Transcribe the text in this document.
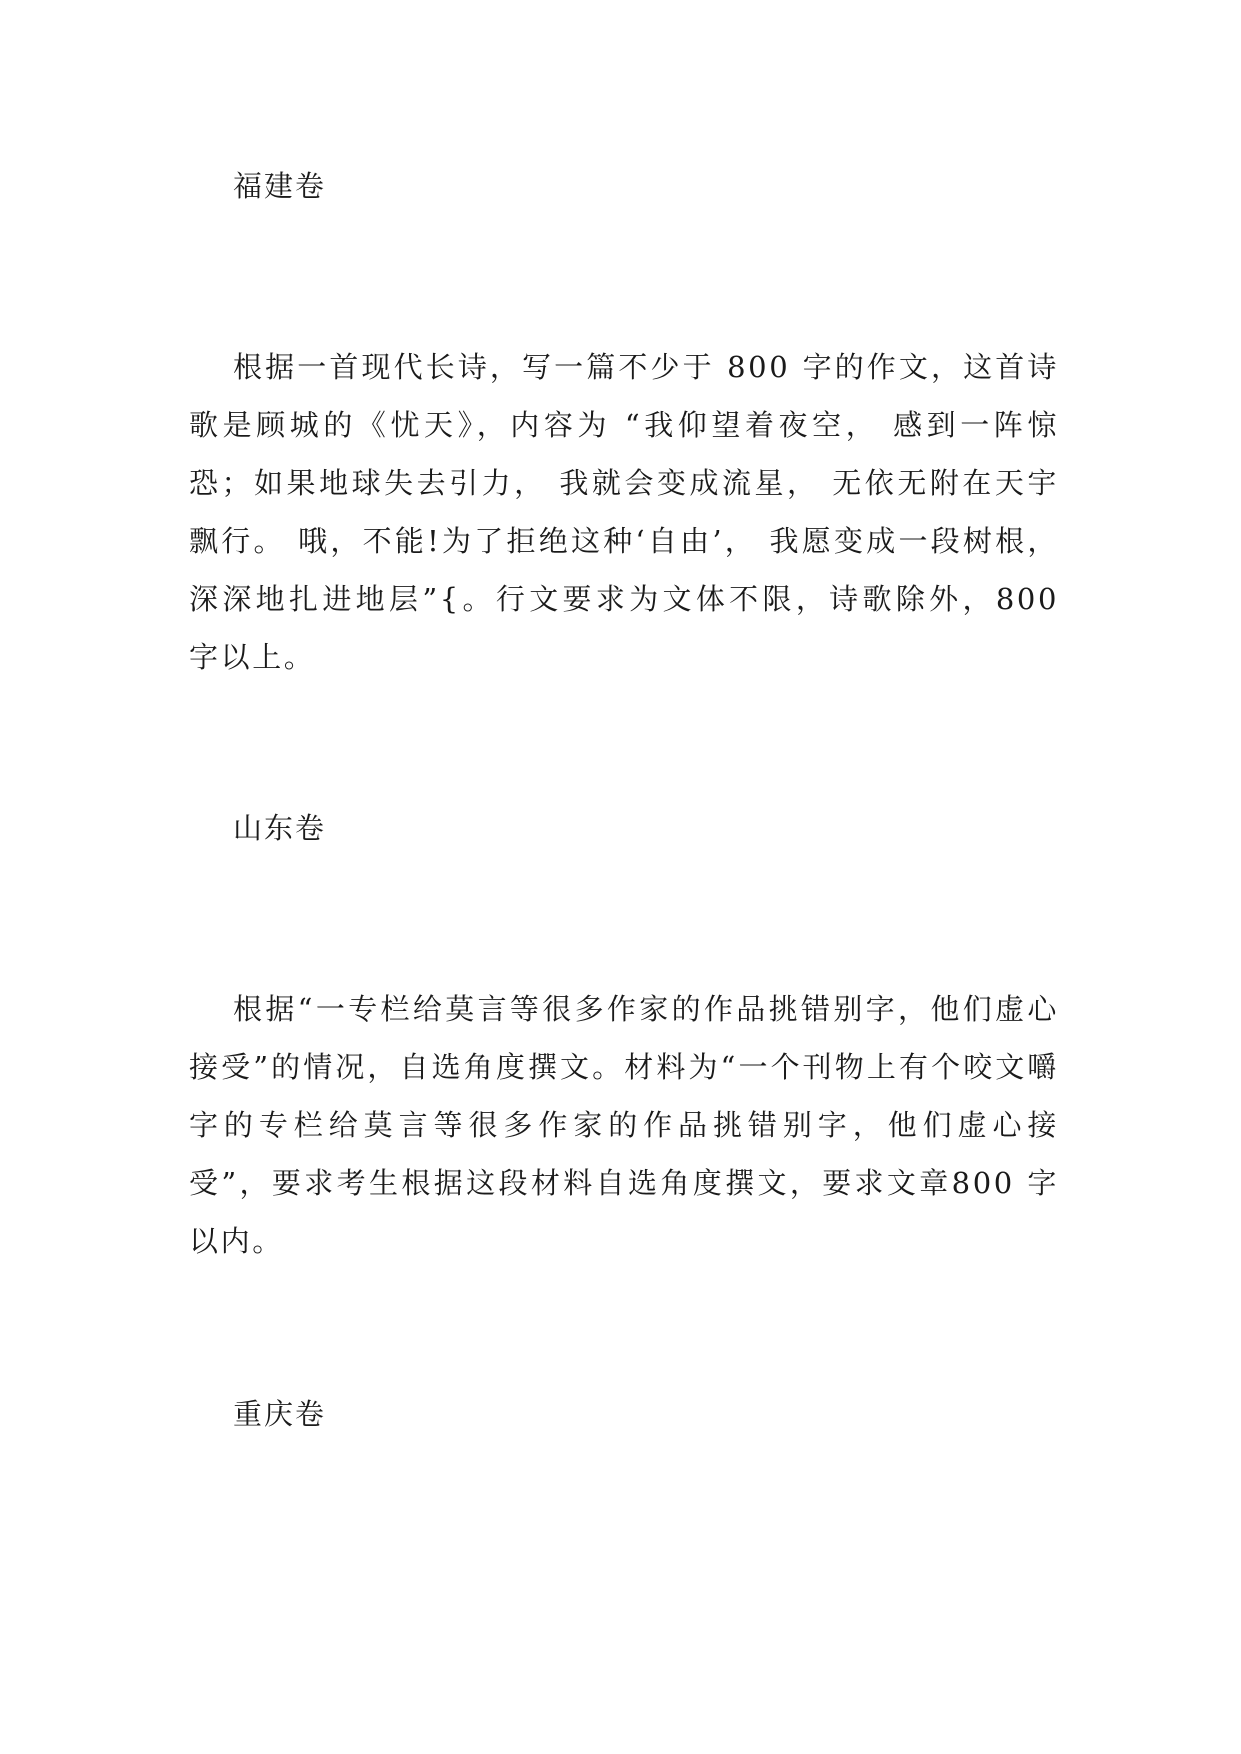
福建卷

根据一首现代长诗，写一篇不少于 800 字的作文，这首诗歌是顾城的《忧天》，内容为 “我仰望着夜空， 感到一阵惊恐；如果地球失去引力， 我就会变成流星， 无依无附在天宇飘行。 哦，不能!为了拒绝这种‘自由’， 我愿变成一段树根， 深深地扎进地层”{。行文要求为文体不限，诗歌除外，800 字以上。

山东卷

根据“一专栏给莫言等很多作家的作品挑错别字，他们虚心接受”的情况，自选角度撰文。材料为“一个刊物上有个咬文嚼字的专栏给莫言等很多作家的作品挑错别字，他们虚心接受”，要求考生根据这段材料自选角度撰文，要求文章800 字以内。

重庆卷
